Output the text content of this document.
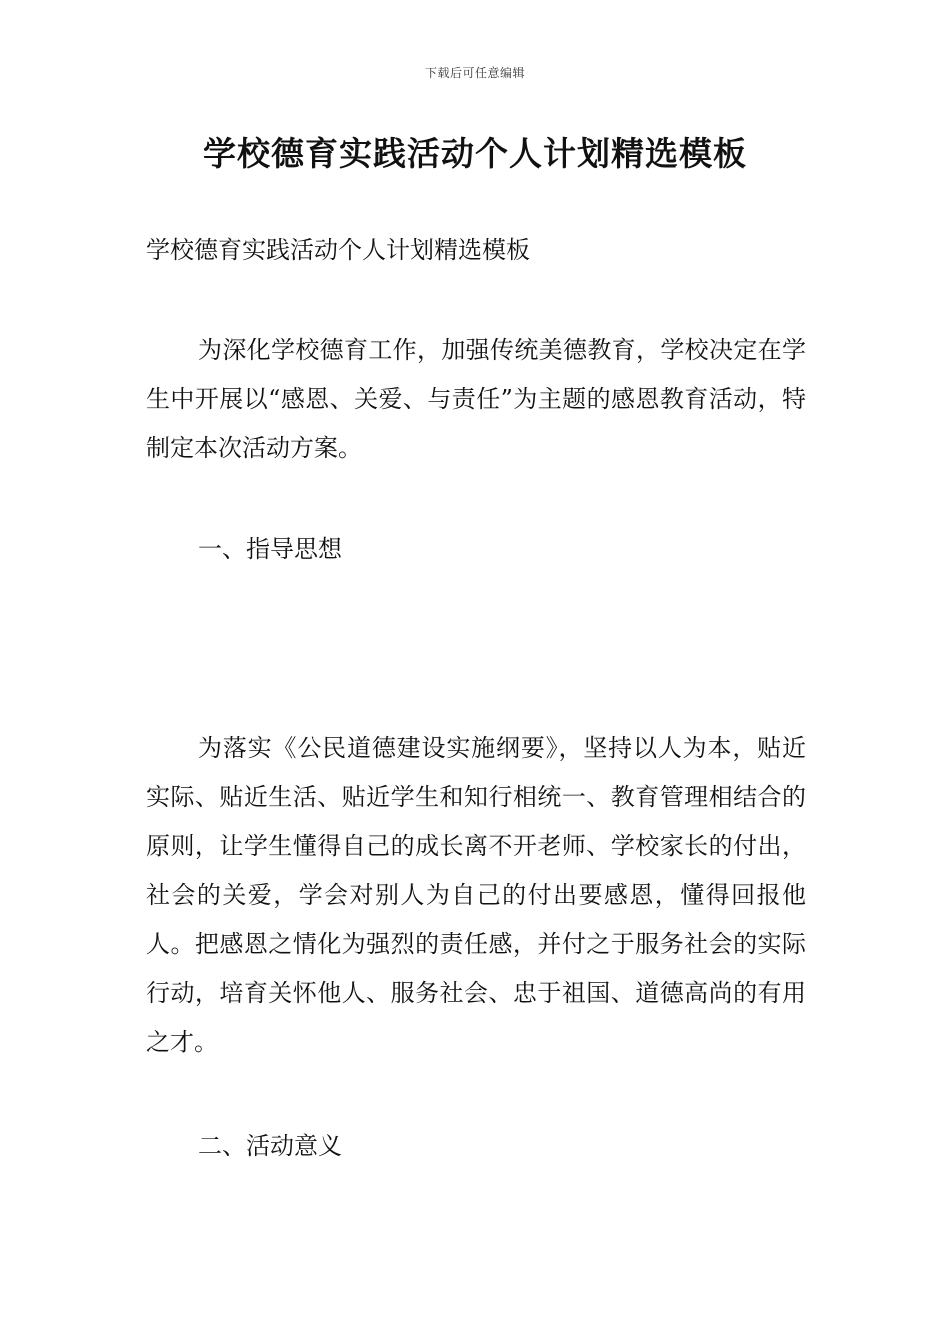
下载后可任意编辑
学校德育实践活动个人计划精选模板

学校德育实践活动个人计划精选模板

为深化学校德育工作，加强传统美德教育，学校决定在学生中开展以“感恩、关爱、与责任”为主题的感恩教育活动，特制定本次活动方案。

一、指导思想

为落实《公民道德建设实施纲要》，坚持以人为本，贴近实际、贴近生活、贴近学生和知行相统一、教育管理相结合的原则，让学生懂得自己的成长离不开老师、学校家长的付出，社会的关爱，学会对别人为自己的付出要感恩，懂得回报他人。把感恩之情化为强烈的责任感，并付之于服务社会的实际行动，培育关怀他人、服务社会、忠于祖国、道德高尚的有用之才。

二、活动意义
